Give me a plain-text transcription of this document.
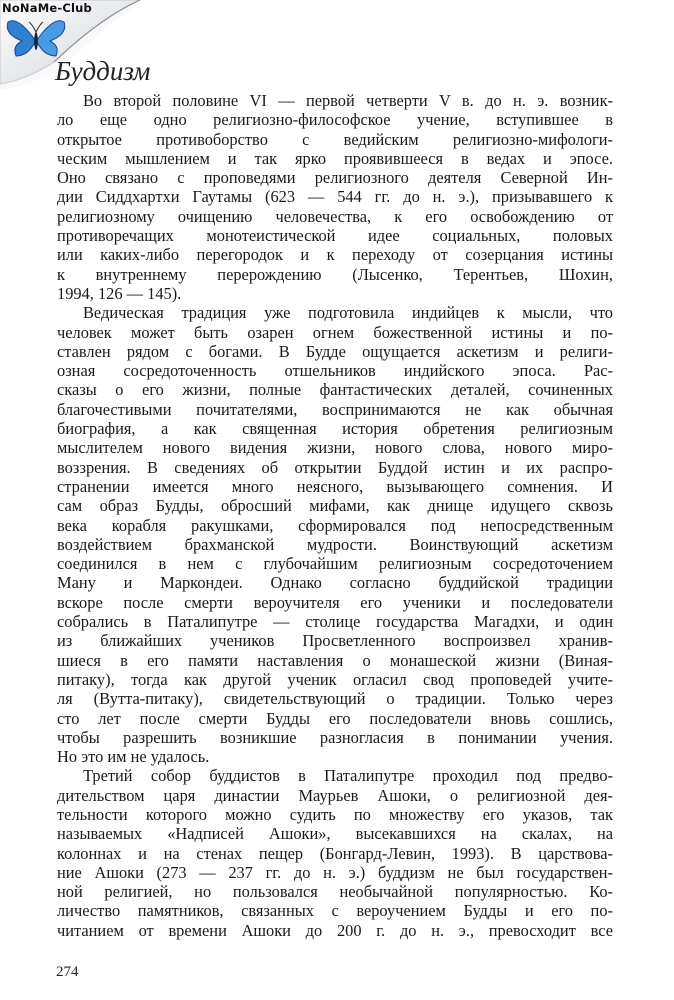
NoNaMe-Club
Буддизм
Во второй половине VI — первой четверти V в. до н. э. возник-
ло еще одно религиозно-философское учение, вступившее в
открытое противоборство с ведийским религиозно-мифологи-
ческим мышлением и так ярко проявившееся в ведах и эпосе.
Оно связано с проповедями религиозного деятеля Северной Ин-
дии Сиддхартхи Гаутамы (623 — 544 гг. до н. э.), призывавшего к
религиозному очищению человечества, к его освобождению от
противоречащих монотеистической идее социальных, половых
или каких-либо перегородок и к переходу от созерцания истины
к внутреннему перерождению (Лысенко, Терентьев, Шохин,
1994, 126 — 145).
Ведическая традиция уже подготовила индийцев к мысли, что
человек может быть озарен огнем божественной истины и по-
ставлен рядом с богами. В Будде ощущается аскетизм и религи-
озная сосредоточенность отшельников индийского эпоса. Рас-
сказы о его жизни, полные фантастических деталей, сочиненных
благочестивыми почитателями, воспринимаются не как обычная
биография, а как священная история обретения религиозным
мыслителем нового видения жизни, нового слова, нового миро-
воззрения. В сведениях об открытии Буддой истин и их распро-
странении имеется много неясного, вызывающего сомнения. И
сам образ Будды, обросший мифами, как днище идущего сквозь
века корабля ракушками, сформировался под непосредственным
воздействием брахманской мудрости. Воинствующий аскетизм
соединился в нем с глубочайшим религиозным сосредоточением
Ману и Маркондеи. Однако согласно буддийской традиции
вскоре после смерти вероучителя его ученики и последователи
собрались в Паталипутре — столице государства Магадхи, и один
из ближайших учеников Просветленного воспроизвел хранив-
шиеся в его памяти наставления о монашеской жизни (Виная-
питаку), тогда как другой ученик огласил свод проповедей учите-
ля (Вутта-питаку), свидетельствующий о традиции. Только через
сто лет после смерти Будды его последователи вновь сошлись,
чтобы разрешить возникшие разногласия в понимании учения.
Но это им не удалось.
Третий собор буддистов в Паталипутре проходил под предво-
дительством царя династии Маурьев Ашоки, о религиозной дея-
тельности которого можно судить по множеству его указов, так
называемых «Надписей Ашоки», высекавшихся на скалах, на
колоннах и на стенах пещер (Бонгард-Левин, 1993). В царствова-
ние Ашоки (273 — 237 гг. до н. э.) буддизм не был государствен-
ной религией, но пользовался необычайной популярностью. Ко-
личество памятников, связанных с вероучением Будды и его по-
читанием от времени Ашоки до 200 г. до н. э., превосходит все
274
